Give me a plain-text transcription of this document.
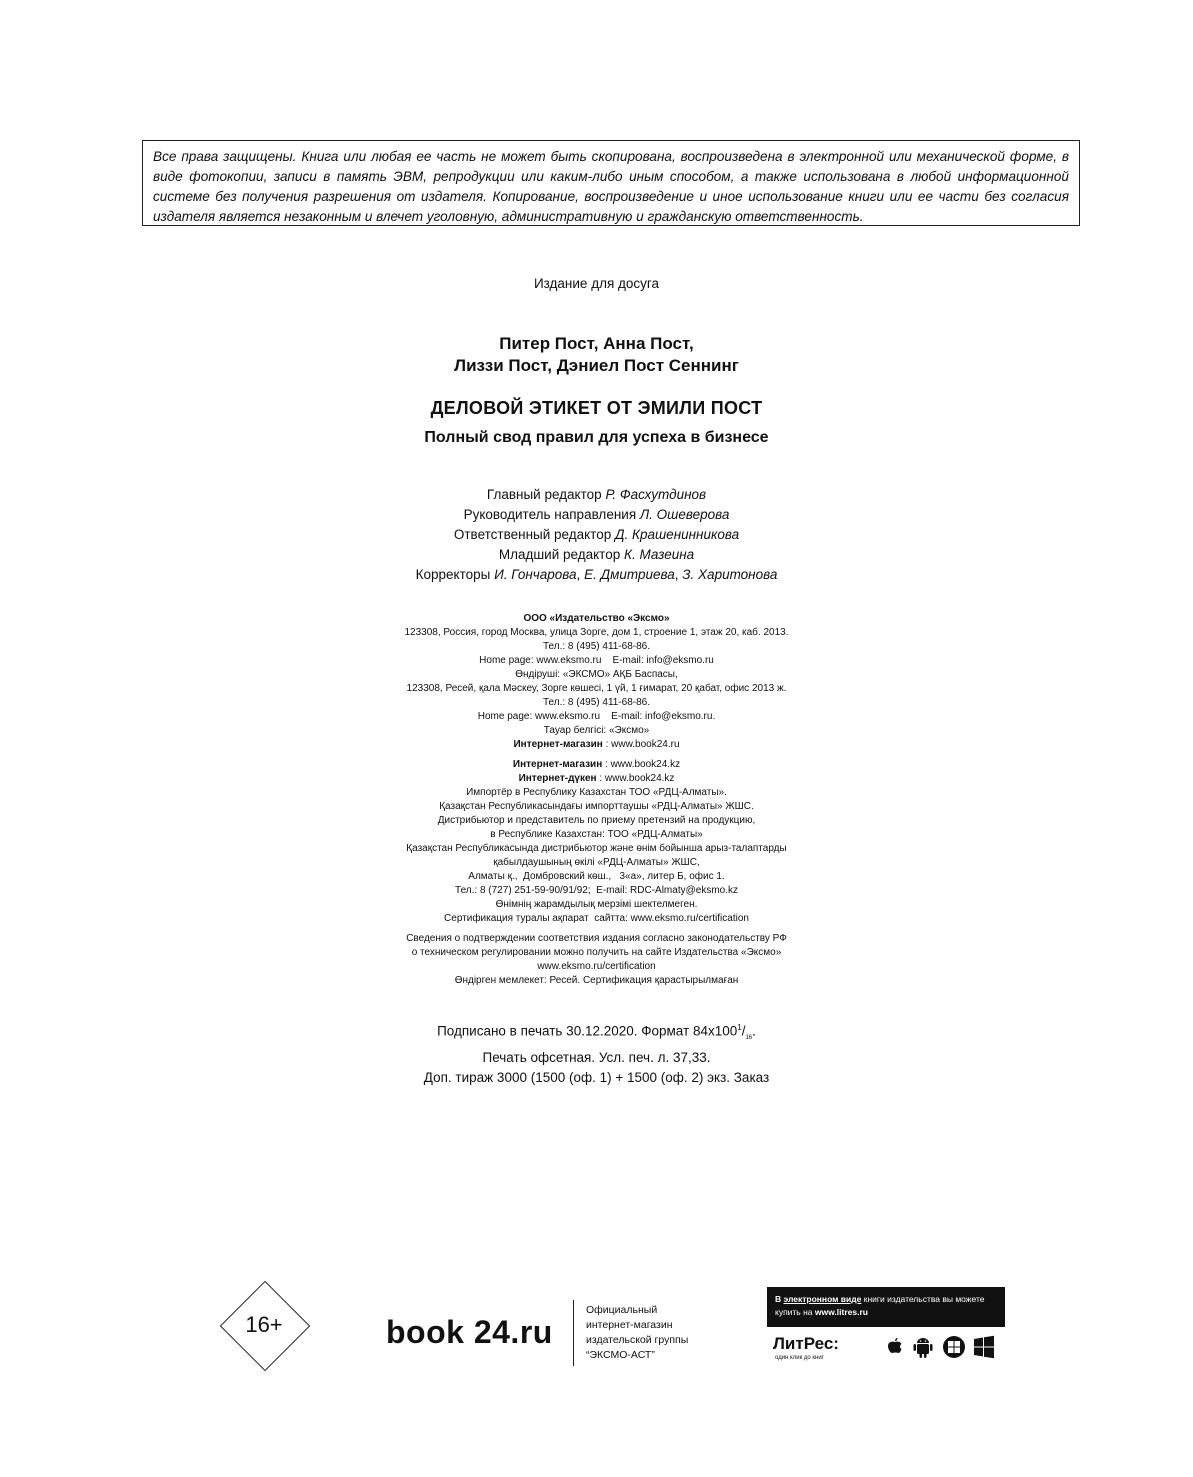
Все права защищены. Книга или любая ее часть не может быть скопирована, воспроизведена в электронной или механической форме, в виде фотокопии, записи в память ЭВМ, репродукции или каким-либо иным способом, а также использована в любой информационной системе без получения разрешения от издателя. Копирование, воспроизведение и иное использование книги или ее части без согласия издателя является незаконным и влечет уголовную, административную и гражданскую ответственность.
Издание для досуга
Питер Пост, Анна Пост,
Лиззи Пост, Дэниел Пост Сеннинг
ДЕЛОВОЙ ЭТИКЕТ ОТ ЭМИЛИ ПОСТ
Полный свод правил для успеха в бизнесе
Главный редактор Р. Фасхутдинов
Руководитель направления Л. Ошеверова
Ответственный редактор Д. Крашенинникова
Младший редактор К. Мазеина
Корректоры И. Гончарова, Е. Дмитриева, З. Харитонова
ООО «Издательство «Эксмо»
123308, Россия, город Москва, улица Зорге, дом 1, строение 1, этаж 20, каб. 2013.
Тел.: 8 (495) 411-68-86.
Home page: www.eksmo.ru    E-mail: info@eksmo.ru
Өндіруші: «ЭКСМО» АҚБ Баспасы,
123308, Ресей, қала Мәскеу, Зорге көшесі, 1 үй, 1 ғимарат, 20 қабат, офис 2013 ж.
Тел.: 8 (495) 411-68-86.
Home page: www.eksmo.ru    E-mail: info@eksmo.ru.
Тауар белгісі: «Эксмо»
Интернет-магазин : www.book24.ru
Интернет-магазин : www.book24.kz
Интернет-дүкен : www.book24.kz
Импортёр в Республику Казахстан ТОО «РДЦ-Алматы».
Қазақстан Республикасындағы импорттаушы «РДЦ-Алматы» ЖШС.
Дистрибьютор и представитель по приему претензий на продукцию,
в Республике Казахстан: ТОО «РДЦ-Алматы»
Қазақстан Республикасында дистрибьютор және өнім бойынша арыз-талаптарды
қабылдаушының өкілі «РДЦ-Алматы» ЖШС,
Алматы қ.,  Домбровский көш.,   3«а», литер Б, офис 1.
Тел.: 8 (727) 251-59-90/91/92;  E-mail: RDC-Almaty@eksmo.kz
Өнімнің жарамдылық мерзімі шектелмеген.
Сертификация туралы ақпарат  сайтта: www.eksmo.ru/certification
Сведения о подтверждении соответствия издания согласно законодательству РФ
о техническом регулировании можно получить на сайте Издательства «Эксмо»
www.eksmo.ru/certification
Өндірген мемлекет: Ресей. Сертификация қарастырылмаған
Подписано в печать 30.12.2020. Формат $84x100^1/_{16}$.
Печать офсетная. Усл. печ. л. 37,33.
Доп. тираж 3000 (1500 (оф. 1) + 1500 (оф. 2) экз. Заказ
16+	book 24.ru
Официальный
интернет-магазин
издательской группы
“ЭКСМО-АСТ”
В электронном виде книги издательства вы можете
купить на www.litres.ru
ЛитРес:
один клик до книг
